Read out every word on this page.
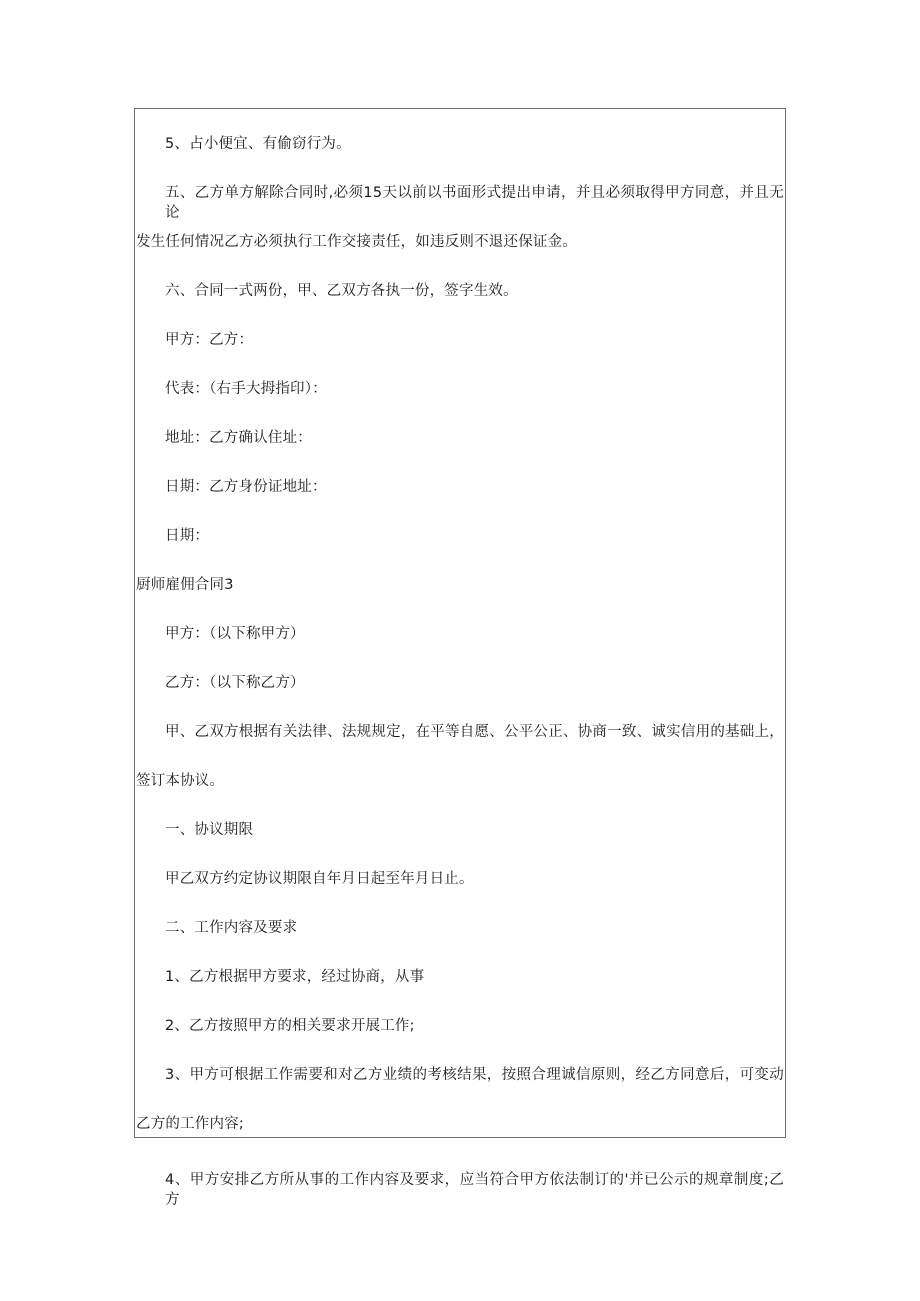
5、占小便宜、有偷窃行为。
五、乙方单方解除合同时,必须15天以前以书面形式提出申请，并且必须取得甲方同意，并且无论
发生任何情况乙方必须执行工作交接责任，如违反则不退还保证金。
六、合同一式两份，甲、乙双方各执一份，签字生效。
甲方：乙方：
代表：（右手大拇指印）：
地址：乙方确认住址：
日期：乙方身份证地址：
日期：
厨师雇佣合同3
甲方：（以下称甲方）
乙方：（以下称乙方）
甲、乙双方根据有关法律、法规规定，在平等自愿、公平公正、协商一致、诚实信用的基础上，
签订本协议。
一、协议期限
甲乙双方约定协议期限自年月日起至年月日止。
二、工作内容及要求
1、乙方根据甲方要求，经过协商，从事
2、乙方按照甲方的相关要求开展工作;
3、甲方可根据工作需要和对乙方业绩的考核结果，按照合理诚信原则，经乙方同意后，可变动
乙方的工作内容;
4、甲方安排乙方所从事的工作内容及要求，应当符合甲方依法制订的'并已公示的规章制度;乙方
